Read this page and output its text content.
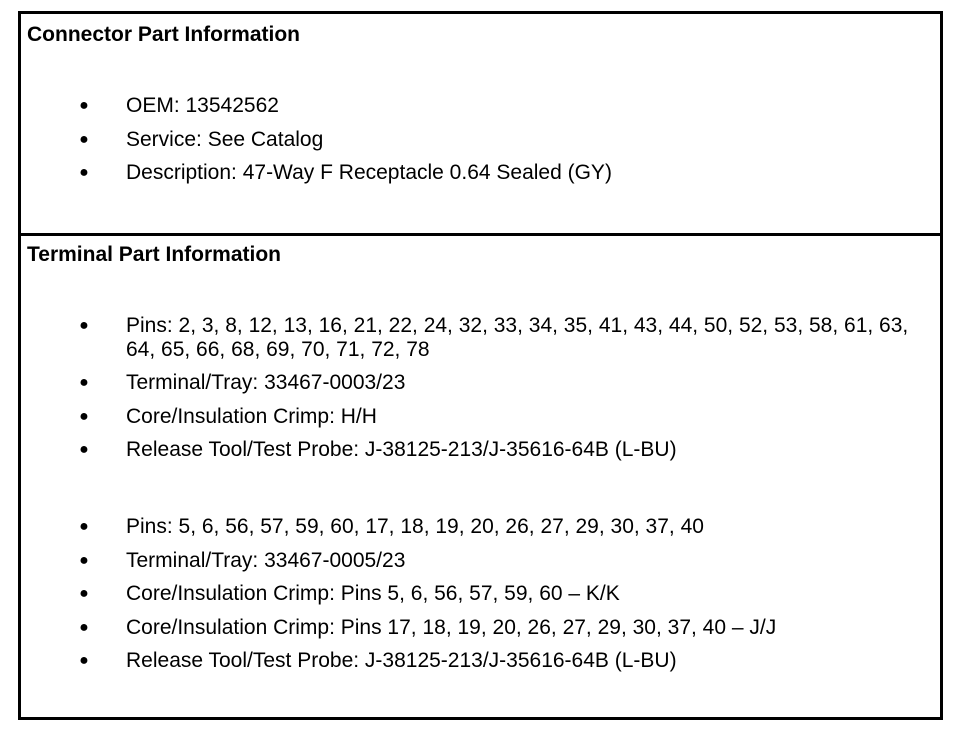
Connector Part Information
● OEM: 13542562
● Service: See Catalog
● Description: 47-Way F Receptacle 0.64 Sealed (GY)
Terminal Part Information
● Pins: 2, 3, 8, 12, 13, 16, 21, 22, 24, 32, 33, 34, 35, 41, 43, 44, 50, 52, 53, 58, 61, 63, 64, 65, 66, 68, 69, 70, 71, 72, 78
● Terminal/Tray: 33467-0003/23
● Core/Insulation Crimp: H/H
● Release Tool/Test Probe: J-38125-213/J-35616-64B (L-BU)
● Pins: 5, 6, 56, 57, 59, 60, 17, 18, 19, 20, 26, 27, 29, 30, 37, 40
● Terminal/Tray: 33467-0005/23
● Core/Insulation Crimp: Pins 5, 6, 56, 57, 59, 60 – K/K
● Core/Insulation Crimp: Pins 17, 18, 19, 20, 26, 27, 29, 30, 37, 40 – J/J
● Release Tool/Test Probe: J-38125-213/J-35616-64B (L-BU)
